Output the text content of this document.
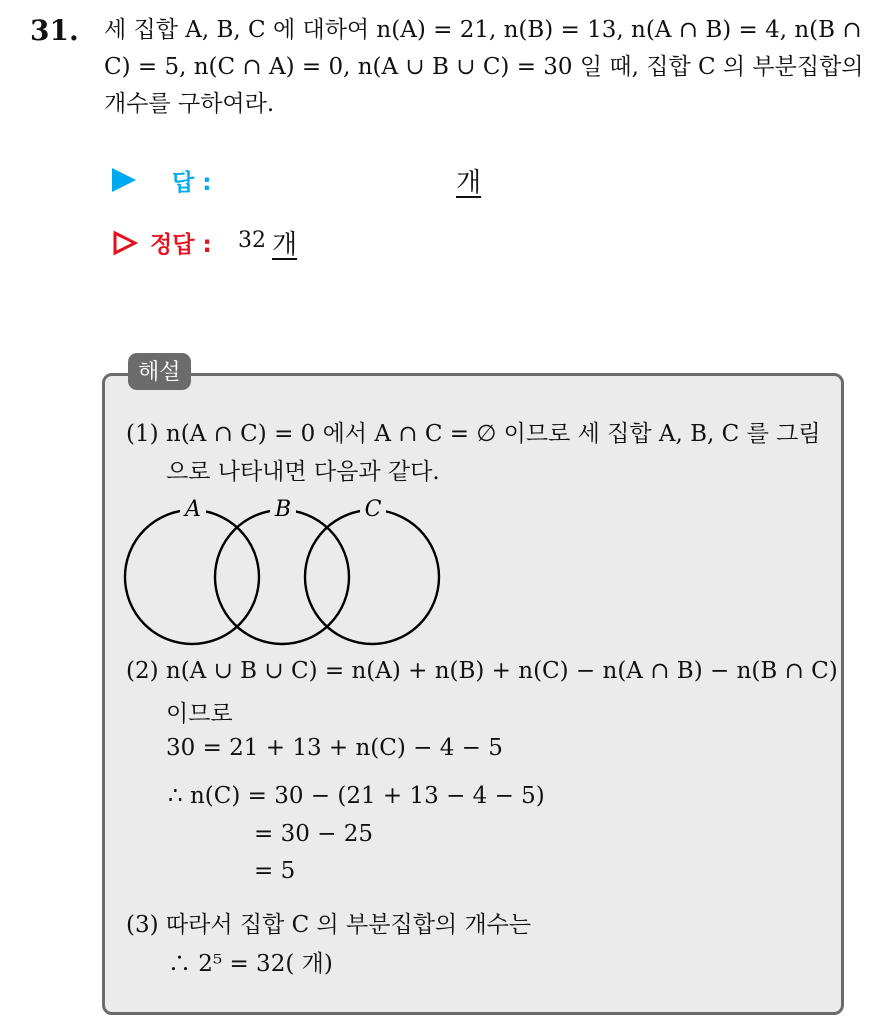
31. 세 집합 A, B, C 에 대하여 n(A) = 21, n(B) = 13, n(A ∩ B) = 4, n(B ∩
C) = 5, n(C ∩ A) = 0, n(A ∪ B ∪ C) = 30 일 때, 집합 C 의 부분집합의
개수를 구하여라.
답 :	개
정답 : 32 개
해설
(1) n(A ∩ C) = 0 에서 A ∩ C = ∅ 이므로 세 집합 A, B, C 를 그림
으로 나타내면 다음과 같다.
A	B	C
(2) n(A ∪ B ∪ C) = n(A) + n(B) + n(C) − n(A ∩ B) − n(B ∩ C)
이므로
30 = 21 + 13 + n(C) − 4 − 5
∴ n(C) = 30 − (21 + 13 − 4 − 5)
= 30 − 25
= 5
(3) 따라서 집합 C 의 부분집합의 개수는
∴ 2⁵ = 32( 개)
